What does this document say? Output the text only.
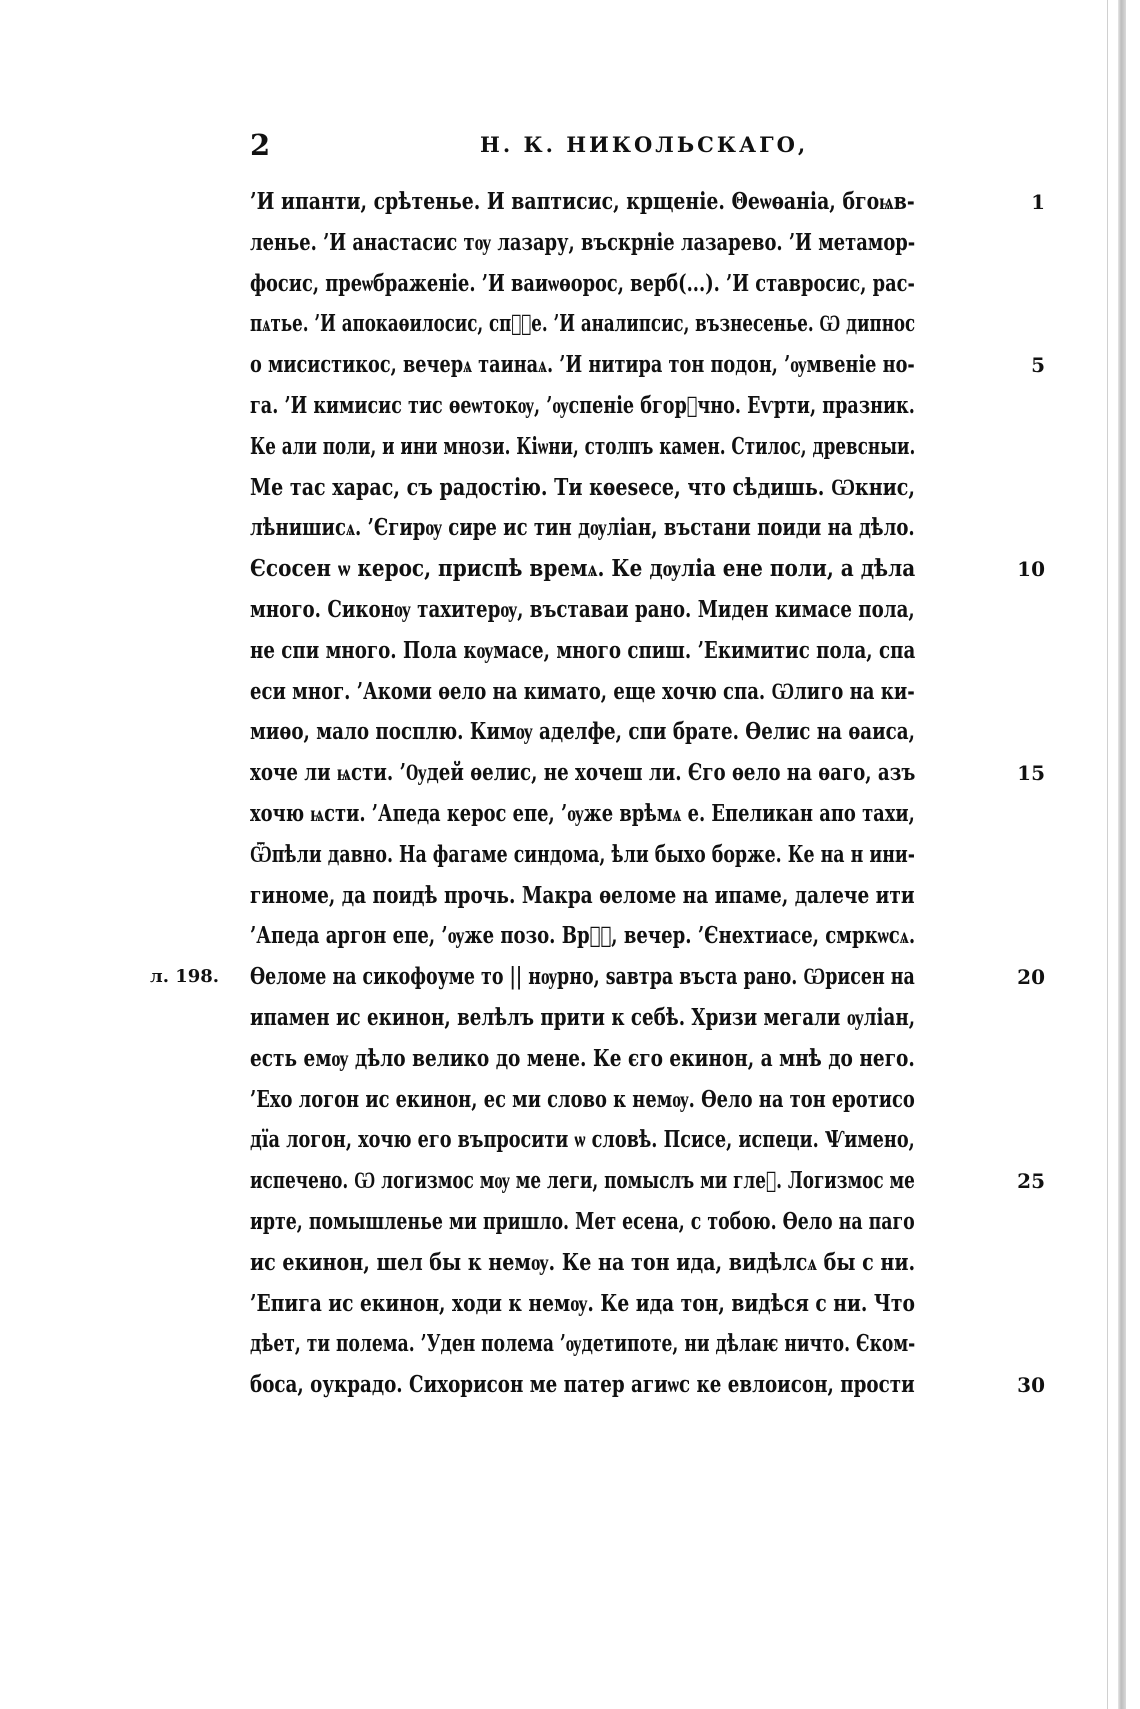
2	Н. К. НИКОЛЬСКАГО,
’И ипанти, срѣтенье. И ваптисис, крщеніе. Θеѡѳаніа, бгоѩв-	1
леньe. ’И анастасис тѹ лазару, въскрніе лазарево. ’И метамор-
фосис, преѡбраженіе. ’И ваиѡѳорос, верб(...). ’И ставросис, рас-
пѧтье. ’И апокаѳилосис, спⷭ҇е. ’И аналипсис, възнесенье. Ѡ дипнос
о мисистикос, вечерѧ таинаѧ. ’И нитира тон подон, ’ѹмвеніе но-	5
га. ’И кимисис тис ѳеѡтокѹ, ’ѹспеніе бгорⷣчно. Еѵрти, празник.
Ке али поли, и ини мнози. Кiѡни, столпъ камен. Стилос, древсныи.
Ме тас харас, съ радостію. Ти кѳеѕесе, что сѣдишь. Ѡкнис,
лѣнишисѧ. ’Єгирѹ сире ис тин дѹліан, въстани поиди на дѣло.
Єсосен ѡ керос, приспѣ времѧ. Ке дѹліа ене поли, а дѣла	10
много. Сиконѹ тахитерѹ, въставаи рано. Миден кимасе пола,
не спи много. Пола кѹмасе, много спиш. ’Екимитис пола, спа
еси мног. ’Акоми ѳело на кимато, еще хочю спа. Ѡлиго на ки-
миѳо, мало посплю. Кимѹ аделфе, спи брате. Ѳелис на ѳаиса,
хоче ли ѩсти. ’Ѹдей ѳелис, не хочеш ли. Єго ѳело на ѳаго, азъ	15
хочю ѩсти. ’Апеда керос епе, ’ѹже врѣмѧ е. Епеликан апо тахи,
Ѿпѣли давно. На фагаме синдома, ѣли быхо борже. Ке на н ини-
гиноме, да поидѣ прочь. Макра ѳеломе на ипаме, далече ити
’Апеда аргон епе, ’ѹже позо. Врⷭ҇, вечер. ’Єнехтиасе, смркѡсѧ.
Ѳеломе на сикофоуме то || нѹрно, ѕавтра въста рано. Ѡрисен на	20
л. 198.
ипамен ис екинон, велѣлъ прити к себѣ. Хризи мегали ѹліан,
есть емѹ дѣло велико до мене. Ке єго екинон, а мнѣ до него.
’Ехо логон ис екинон, ес ми слово к немѹ. Ѳело на тон еротисо
дїа логон, хочю его въпросити ѡ словѣ. Псисе, испеци. Ѱимено,
испечено. Ѡ логизмос мѹ ме леги, помыслъ ми глеⷮ. Логизмос ме	25
ирте, помышленье ми пришло. Мет есена, с тобою. Ѳело на паго
ис екинон, шел бы к немѹ. Ке на тон ида, видѣлсѧ бы с ни.
’Епига ис екинон, ходи к немѹ. Ке ида тон, видѣся с ни. Что
дѣет, ти полема. ’Уден полема ’ѹдетипоте, ни дѣлаѥ ничто. Єком-
боса, оукрадо. Сихорисон ме патер агиѡс ке евлоисон, прости	30
